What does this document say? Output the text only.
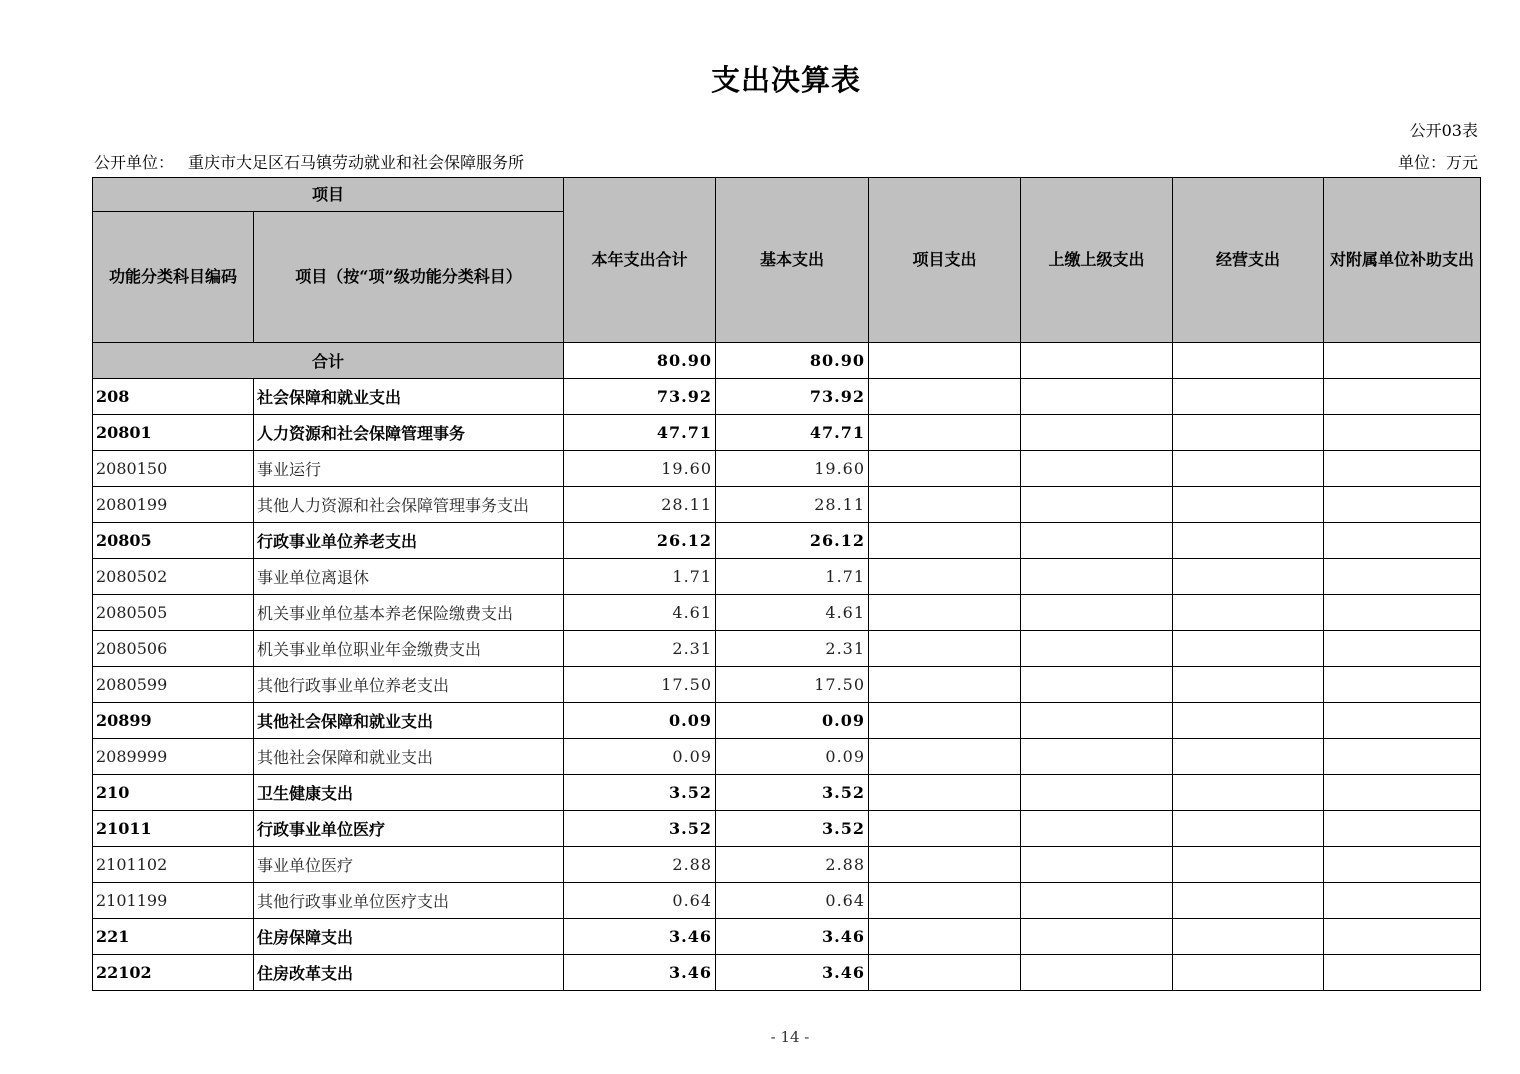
支出决算表
公开03表
公开单位： 重庆市大足区石马镇劳动就业和社会保障服务所	单位：万元
项目		本年支出合计	基本支出	项目支出	上缴上级支出	经营支出	对附属单位补助支出
功能分类科目编码	项目（按“项”级功能分类科目）						
合计		80.90	80.90				
208	社会保障和就业支出	73.92	73.92				
20801	人力资源和社会保障管理事务	47.71	47.71				
2080150	事业运行	19.60	19.60				
2080199	其他人力资源和社会保障管理事务支出	28.11	28.11				
20805	行政事业单位养老支出	26.12	26.12				
2080502	事业单位离退休	1.71	1.71				
2080505	机关事业单位基本养老保险缴费支出	4.61	4.61				
2080506	机关事业单位职业年金缴费支出	2.31	2.31				
2080599	其他行政事业单位养老支出	17.50	17.50				
20899	其他社会保障和就业支出	0.09	0.09				
2089999	其他社会保障和就业支出	0.09	0.09				
210	卫生健康支出	3.52	3.52				
21011	行政事业单位医疗	3.52	3.52				
2101102	事业单位医疗	2.88	2.88				
2101199	其他行政事业单位医疗支出	0.64	0.64				
221	住房保障支出	3.46	3.46				
22102	住房改革支出	3.46	3.46				
- 14 -
